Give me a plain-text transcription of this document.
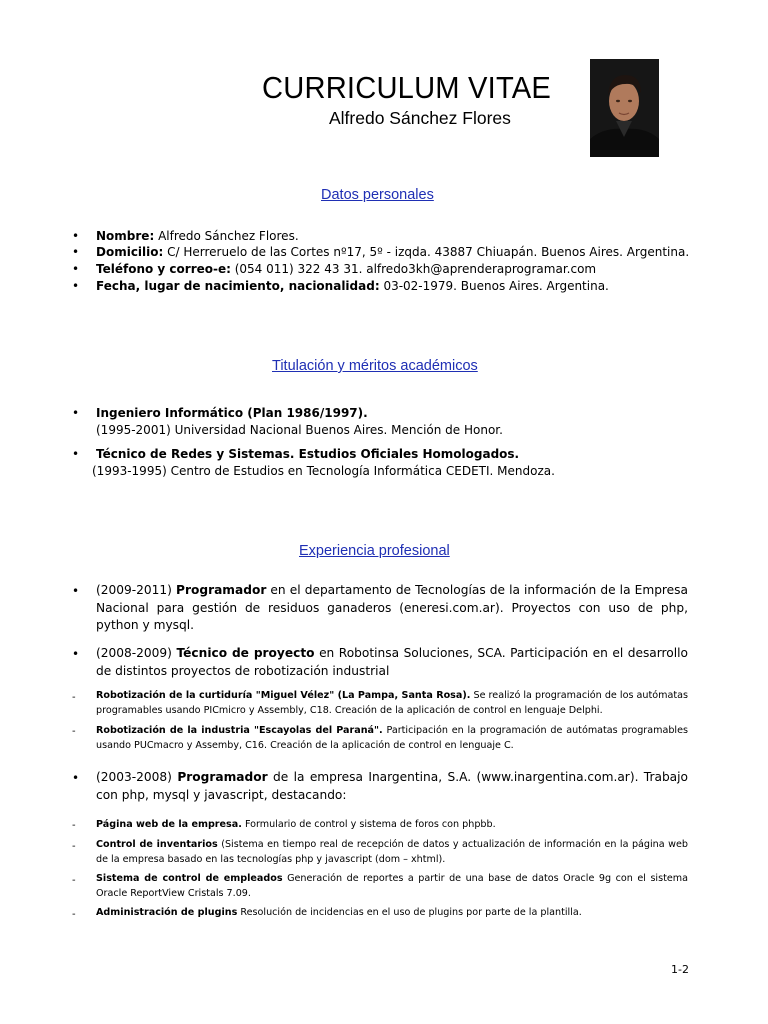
CURRICULUM VITAE
Alfredo Sánchez Flores
Datos personales
• Nombre: Alfredo Sánchez Flores.
• Domicilio: C/ Herreruelo de las Cortes nº17, 5º - izqda. 43887 Chiuapán. Buenos Aires. Argentina.
• Teléfono y correo-e: (054 011) 322 43 31. alfredo3kh@aprenderaprogramar.com
• Fecha, lugar de nacimiento, nacionalidad: 03-02-1979. Buenos Aires. Argentina.
Titulación y méritos académicos
• Ingeniero Informático (Plan 1986/1997).
(1995-2001) Universidad Nacional Buenos Aires. Mención de Honor.
• Técnico de Redes y Sistemas. Estudios Oficiales Homologados.
(1993-1995) Centro de Estudios en Tecnología Informática CEDETI. Mendoza.
Experiencia profesional
• (2009-2011) Programador en el departamento de Tecnologías de la información de la Empresa Nacional para gestión de residuos ganaderos (eneresi.com.ar). Proyectos con uso de php, python y mysql.
• (2008-2009) Técnico de proyecto en Robotinsa Soluciones, SCA. Participación en el desarrollo de distintos proyectos de robotización industrial
- Robotización de la curtiduría "Miguel Vélez" (La Pampa, Santa Rosa). Se realizó la programación de los autómatas programables usando PICmicro y Assembly, C18. Creación de la aplicación de control en lenguaje Delphi.
- Robotización de la industria "Escayolas del Paraná". Participación en la programación de autómatas programables usando PUCmacro y Assemby, C16. Creación de la aplicación de control en lenguaje C.
• (2003-2008) Programador de la empresa Inargentina, S.A. (www.inargentina.com.ar). Trabajo con php, mysql y javascript, destacando:
- Página web de la empresa. Formulario de control y sistema de foros con phpbb.
- Control de inventarios (Sistema en tiempo real de recepción de datos y actualización de información en la página web de la empresa basado en las tecnologías php y javascript (dom – xhtml).
- Sistema de control de empleados Generación de reportes a partir de una base de datos Oracle 9g con el sistema Oracle ReportView Cristals 7.09.
- Administración de plugins Resolución de incidencias en el uso de plugins por parte de la plantilla.
1-2
